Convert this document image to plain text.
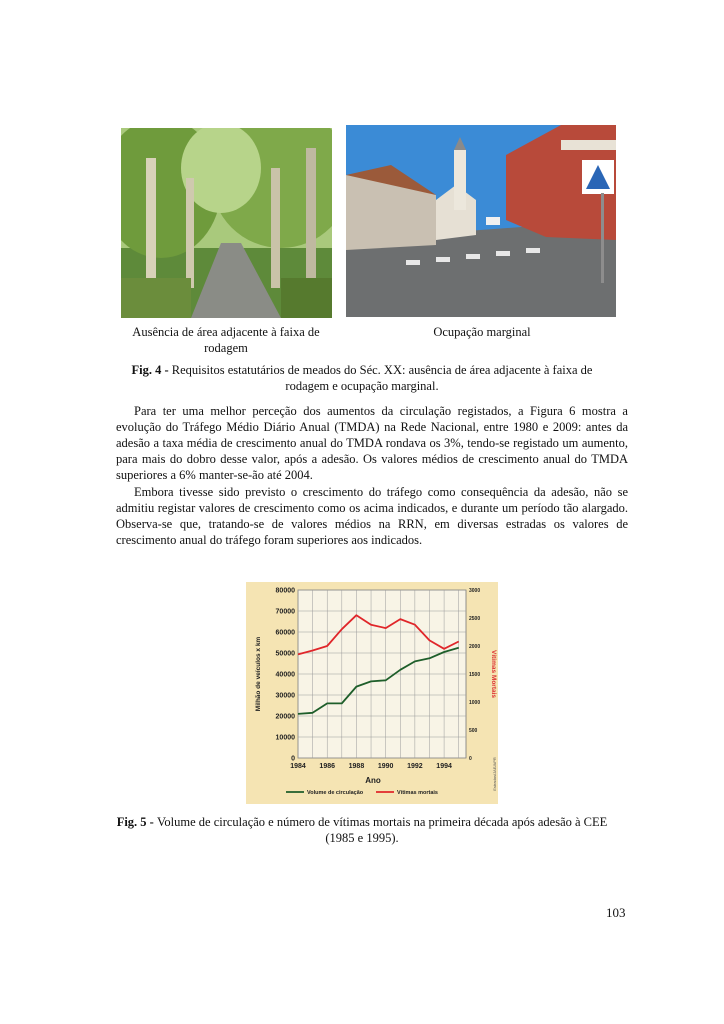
Ausência de área adjacente à faixa de rodagem
Ocupação marginal
Fig. 4 - Requisitos estatutários de meados do Séc. XX: ausência de área adjacente à faixa de rodagem e ocupação marginal.

Para ter uma melhor perceção dos aumentos da circulação registados, a Figura 6 mostra a evolução do Tráfego Médio Diário Anual (TMDA) na Rede Nacional, entre 1980 e 2009: antes da adesão a taxa média de crescimento anual do TMDA rondava os 3%, tendo-se registado um aumento, para mais do dobro desse valor, após a adesão. Os valores médios de crescimento anual do TMDA superiores a 6% manter-se-ão até 2004.

Embora tivesse sido previsto o crescimento do tráfego como consequência da adesão, não se admitiu registar valores de crescimento como os acima indicados, e durante um período tão alargado. Observa-se que, tratando-se de valores médios na RRN, em diversas estradas os valores de crescimento anual do tráfego foram superiores aos indicados.

0
10000
20000
30000
40000
50000
60000
70000
80000
0
500
1000
1500
2000
2500
3000
1984 1986 1988 1990 1992 1994
Ano
Milhão de veículos x km	Vítimas Mortais
Estradas/JAE/APR
Volume de circulação	Vítimas mortais
Fig. 5 - Volume de circulação e número de vítimas mortais na primeira década após adesão à CEE (1985 e 1995).
103
